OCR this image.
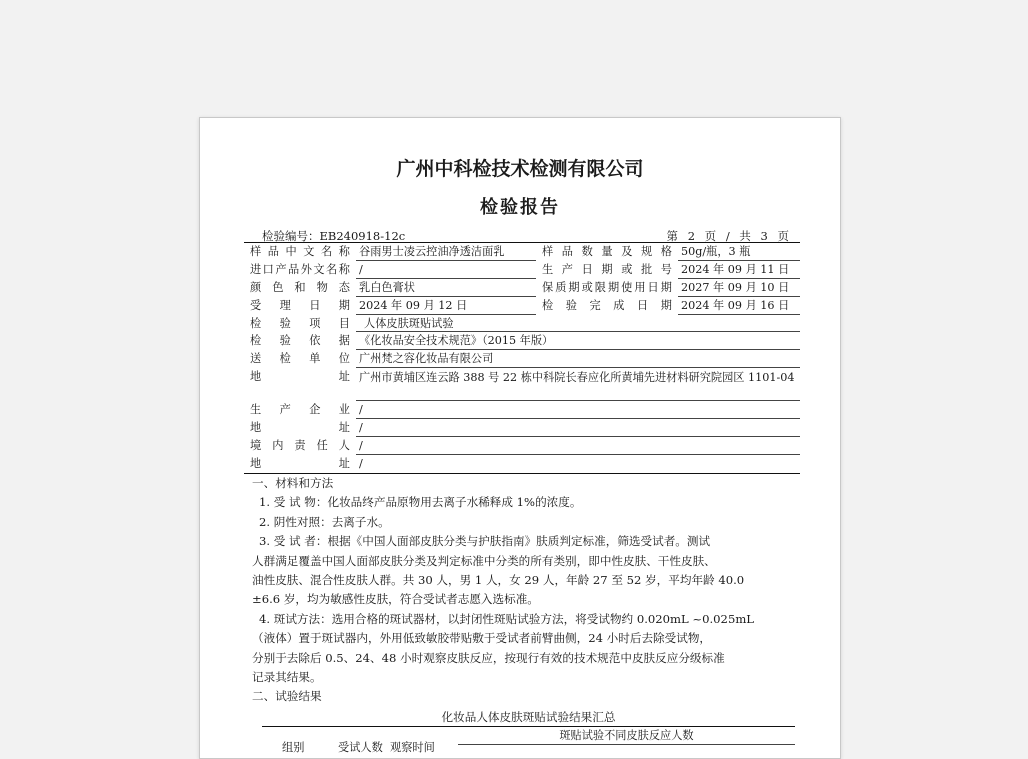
广州中科检技术检测有限公司
检验报告
检验编号：EB240918-12c	第 2 页 / 共 3 页
样 品 中 文 名 称 谷雨男士凌云控油净透洁面乳	样 品 数 量 及 规 格 50g/瓶，3 瓶
进 口 产 品 外 文 名 称 /	生 产 日 期 或 批 号 2024 年 09 月 11 日
颜 色 和 物 态 乳白色膏状	保 质 期 或 限 期 使 用 日 期 2027 年 09 月 10 日
受 理 日 期 2024 年 09 月 12 日	检 验 完 成 日 期 2024 年 09 月 16 日
检 验 项 目	人体皮肤斑贴试验
检 验 依 据 《化妆品安全技术规范》（2015 年版）
送 检 单 位 广州梵之容化妆品有限公司
地	址 广州市黄埔区连云路 388 号 22 栋中科院长春应化所黄埔先进材料研究院园区 1101-04
生 产 企 业 /
地	址 /
境 内 责 任 人 /
地	址 /

一、材料和方法

1. 受 试 物：化妆品终产品原物用去离子水稀释成 1%的浓度。

2. 阴性对照：去离子水。

3. 受 试 者：根据《中国人面部皮肤分类与护肤指南》肤质判定标准，筛选受试者。测试

人群满足覆盖中国人面部皮肤分类及判定标准中分类的所有类别，即中性皮肤、干性皮肤、

油性皮肤、混合性皮肤人群。共 30 人，男 1 人，女 29 人，年龄 27 至 52 岁，平均年龄 40.0

±6.6 岁，均为敏感性皮肤，符合受试者志愿入选标准。

4. 斑试方法：选用合格的斑试器材，以封闭性斑贴试验方法，将受试物约 0.020mL ~0.025mL

（液体）置于斑试器内，外用低致敏胶带贴敷于受试者前臂曲侧，24 小时后去除受试物，

分别于去除后 0.5、24、48 小时观察皮肤反应，按现行有效的技术规范中皮肤反应分级标准

记录其结果。

二、试验结果

化妆品人体皮肤斑贴试验结果汇总
组别	受试人数 观察时间
斑贴试验不同皮肤反应人数
